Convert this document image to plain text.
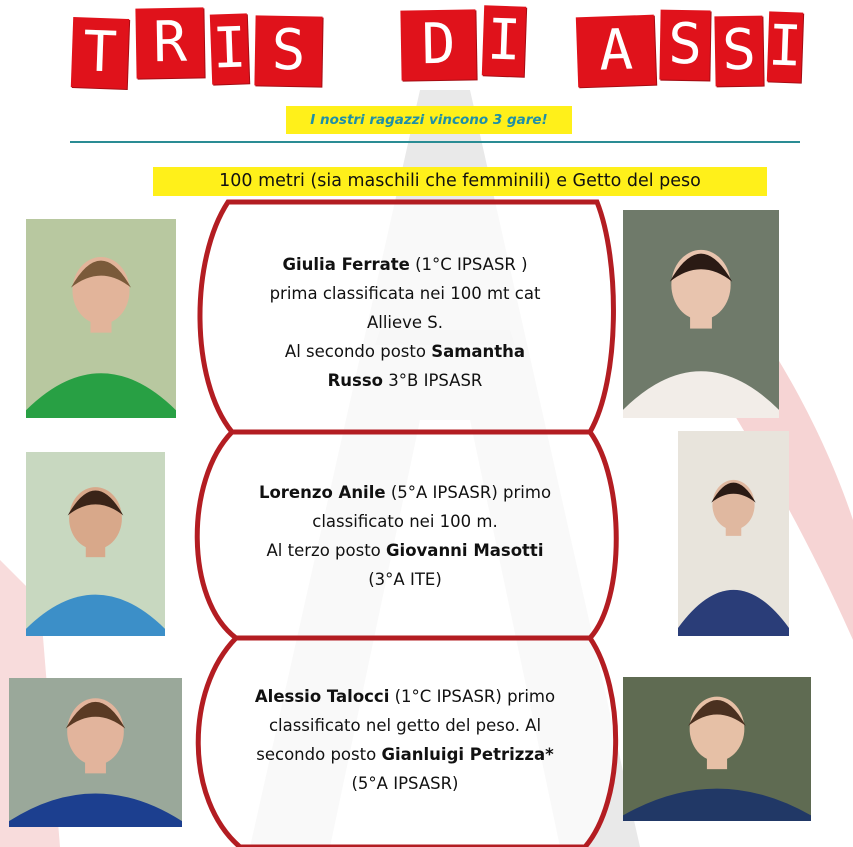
T R I S	D I	A S S I
I nostri ragazzi vincono 3 gare!
100 metri (sia maschili che femminili) e Getto del peso
Giulia Ferrate (1°C IPSASR )
prima classificata nei 100 mt cat
Allieve S.
Al secondo posto Samantha
Russo 3°B IPSASR
Lorenzo Anile (5°A IPSASR) primo
classificato nei 100 m.
Al terzo posto Giovanni Masotti
(3°A ITE)
Alessio Talocci (1°C IPSASR) primo
classificato nel getto del peso. Al
secondo posto Gianluigi Petrizza*
(5°A IPSASR)
